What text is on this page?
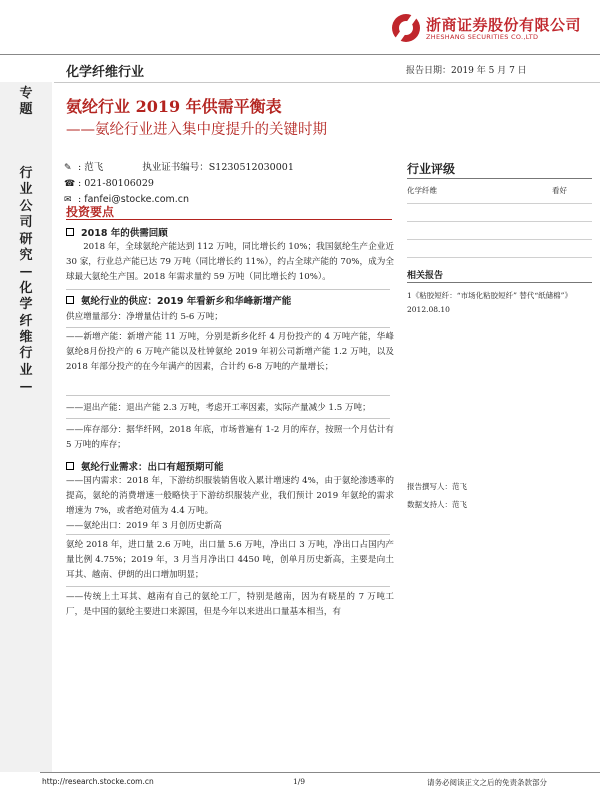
浙商证券股份有限公司
ZHESHANG SECURITIES CO.,LTD
化学纤维行业	报告日期：2019 年 5 月 7 日
专题
行业公司研究—化学纤维行业—
氨纶行业 2019 年供需平衡表
——氨纶行业进入集中度提升的关键时期
✎ : 范飞	执业证书编号：S1230512030001
☎ : 021-80106029
✉ : fanfei@stocke.com.cn
投资要点
2018 年的供需回顾
2018 年，全球氨纶产能达到 112 万吨，同比增长约 10%；我国氨纶生产企业近 30 家，行业总产能已达 79 万吨（同比增长约 11%），约占全球产能的 70%，成为全球最大氨纶生产国。2018 年需求量约 59 万吨（同比增长约 10%）。
氨纶行业的供应：2019 年看新乡和华峰新增产能
供应增量部分：净增量估计约 5-6 万吨；
——新增产能：新增产能 11 万吨，分别是新乡化纤 4 月份投产的 4 万吨产能，华峰氨纶8月份投产的 6 万吨产能以及杜钟氨纶 2019 年初公司新增产能 1.2 万吨，以及 2018 年部分投产的在今年满产的因素，合计约 6-8 万吨的产量增长；
——退出产能：退出产能 2.3 万吨，考虑开工率因素，实际产量减少 1.5 万吨；
——库存部分：据华纤网，2018 年底，市场普遍有 1-2 月的库存，按照一个月估计有 5 万吨的库存；
氨纶行业需求：出口有超预期可能
——国内需求：2018 年，下游纺织服装销售收入累计增速约 4%，由于氨纶渗透率的提高，氨纶的消费增速一般略快于下游纺织服装产业，我们预计 2019 年氨纶的需求增速为 7%，或者绝对值为 4.4 万吨。
——氨纶出口：2019 年 3 月创历史新高
氨纶 2018 年，进口量 2.6 万吨，出口量 5.6 万吨，净出口 3 万吨，净出口占国内产量比例 4.75%；2019 年，3 月当月净出口 4450 吨，创单月历史新高，主要是向土耳其、越南、伊朗的出口增加明显；
——传统上土耳其、越南有自己的氨纶工厂，特别是越南，因为有晓星的 7 万吨工厂，是中国的氨纶主要进口来源国，但是今年以来进出口量基本相当，有
行业评级
化学纤维	看好
相关报告
1《粘胶短纤：“市场化粘胶短纤” 替代“纸储棉”》2012.08.10
报告撰写人：范飞
数据支持人：范飞
http://research.stocke.com.cn	1/9	请务必阅读正文之后的免责条款部分
